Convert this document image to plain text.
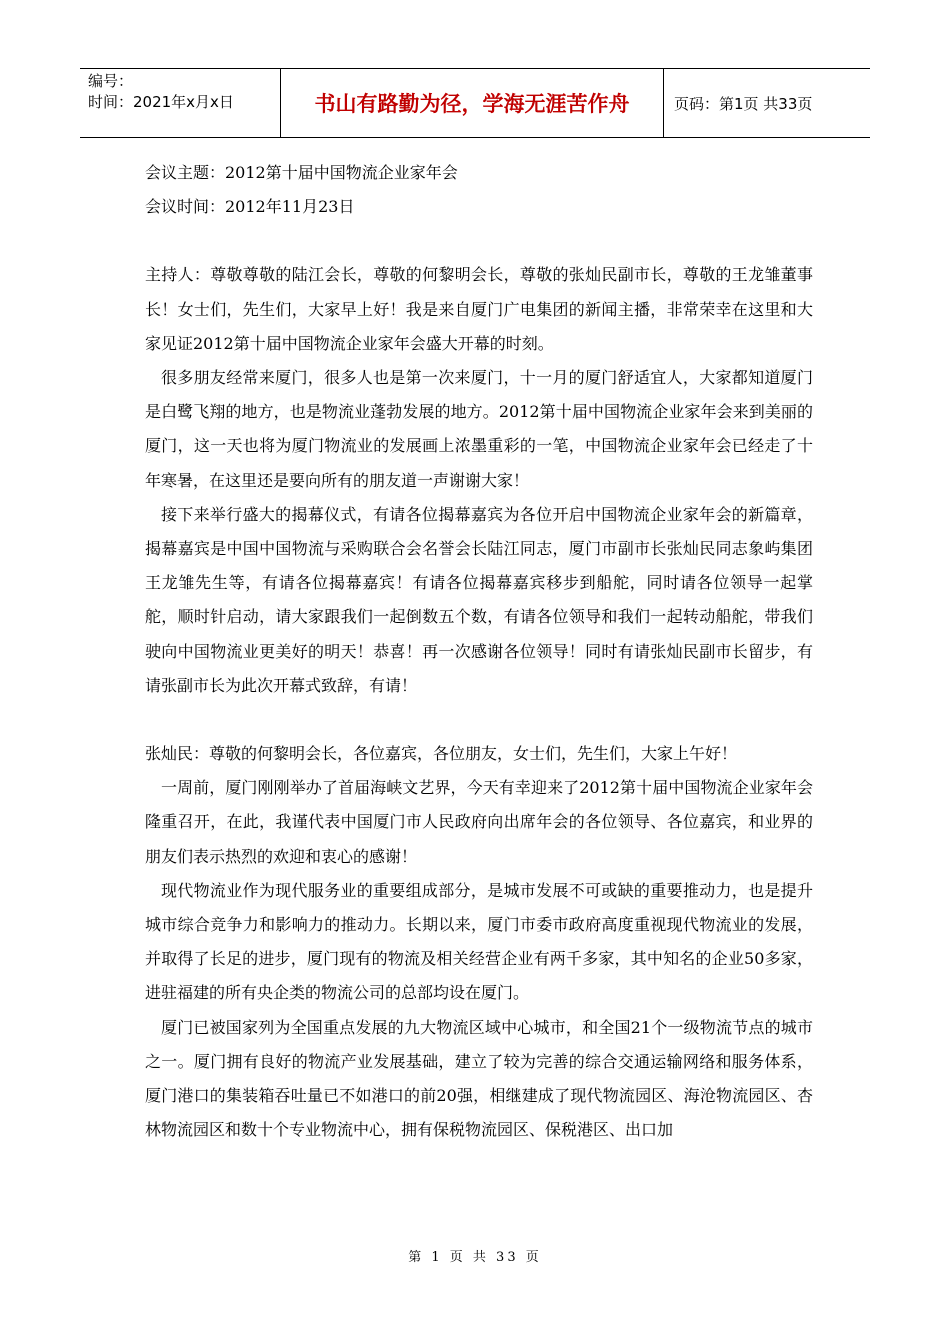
编号：
时间：2021年x月x日	书山有路勤为径，学海无涯苦作舟	页码：第1页 共33页

会议主题：2012第十届中国物流企业家年会

会议时间：2012年11月23日

主持人：尊敬尊敬的陆江会长，尊敬的何黎明会长，尊敬的张灿民副市长，尊敬的王龙雏董事长！女士们，先生们，大家早上好！我是来自厦门广电集团的新闻主播，非常荣幸在这里和大家见证2012第十届中国物流企业家年会盛大开幕的时刻。

很多朋友经常来厦门，很多人也是第一次来厦门，十一月的厦门舒适宜人，大家都知道厦门是白鹭飞翔的地方，也是物流业蓬勃发展的地方。2012第十届中国物流企业家年会来到美丽的厦门，这一天也将为厦门物流业的发展画上浓墨重彩的一笔，中国物流企业家年会已经走了十年寒暑，在这里还是要向所有的朋友道一声谢谢大家！

接下来举行盛大的揭幕仪式，有请各位揭幕嘉宾为各位开启中国物流企业家年会的新篇章，揭幕嘉宾是中国中国物流与采购联合会名誉会长陆江同志，厦门市副市长张灿民同志象屿集团王龙雏先生等，有请各位揭幕嘉宾！有请各位揭幕嘉宾移步到船舵，同时请各位领导一起掌舵，顺时针启动，请大家跟我们一起倒数五个数，有请各位领导和我们一起转动船舵，带我们驶向中国物流业更美好的明天！恭喜！再一次感谢各位领导！同时有请张灿民副市长留步，有请张副市长为此次开幕式致辞，有请！

张灿民：尊敬的何黎明会长，各位嘉宾，各位朋友，女士们，先生们，大家上午好！

一周前，厦门刚刚举办了首届海峡文艺界，今天有幸迎来了2012第十届中国物流企业家年会隆重召开，在此，我谨代表中国厦门市人民政府向出席年会的各位领导、各位嘉宾，和业界的朋友们表示热烈的欢迎和衷心的感谢！

现代物流业作为现代服务业的重要组成部分，是城市发展不可或缺的重要推动力，也是提升城市综合竞争力和影响力的推动力。长期以来，厦门市委市政府高度重视现代物流业的发展，并取得了长足的进步，厦门现有的物流及相关经营企业有两千多家，其中知名的企业50多家，进驻福建的所有央企类的物流公司的总部均设在厦门。

厦门已被国家列为全国重点发展的九大物流区域中心城市，和全国21个一级物流节点的城市之一。厦门拥有良好的物流产业发展基础，建立了较为完善的综合交通运输网络和服务体系，厦门港口的集装箱吞吐量已不如港口的前20强，相继建成了现代物流园区、海沧物流园区、杏林物流园区和数十个专业物流中心，拥有保税物流园区、保税港区、出口加

第 1 页 共 33 页
